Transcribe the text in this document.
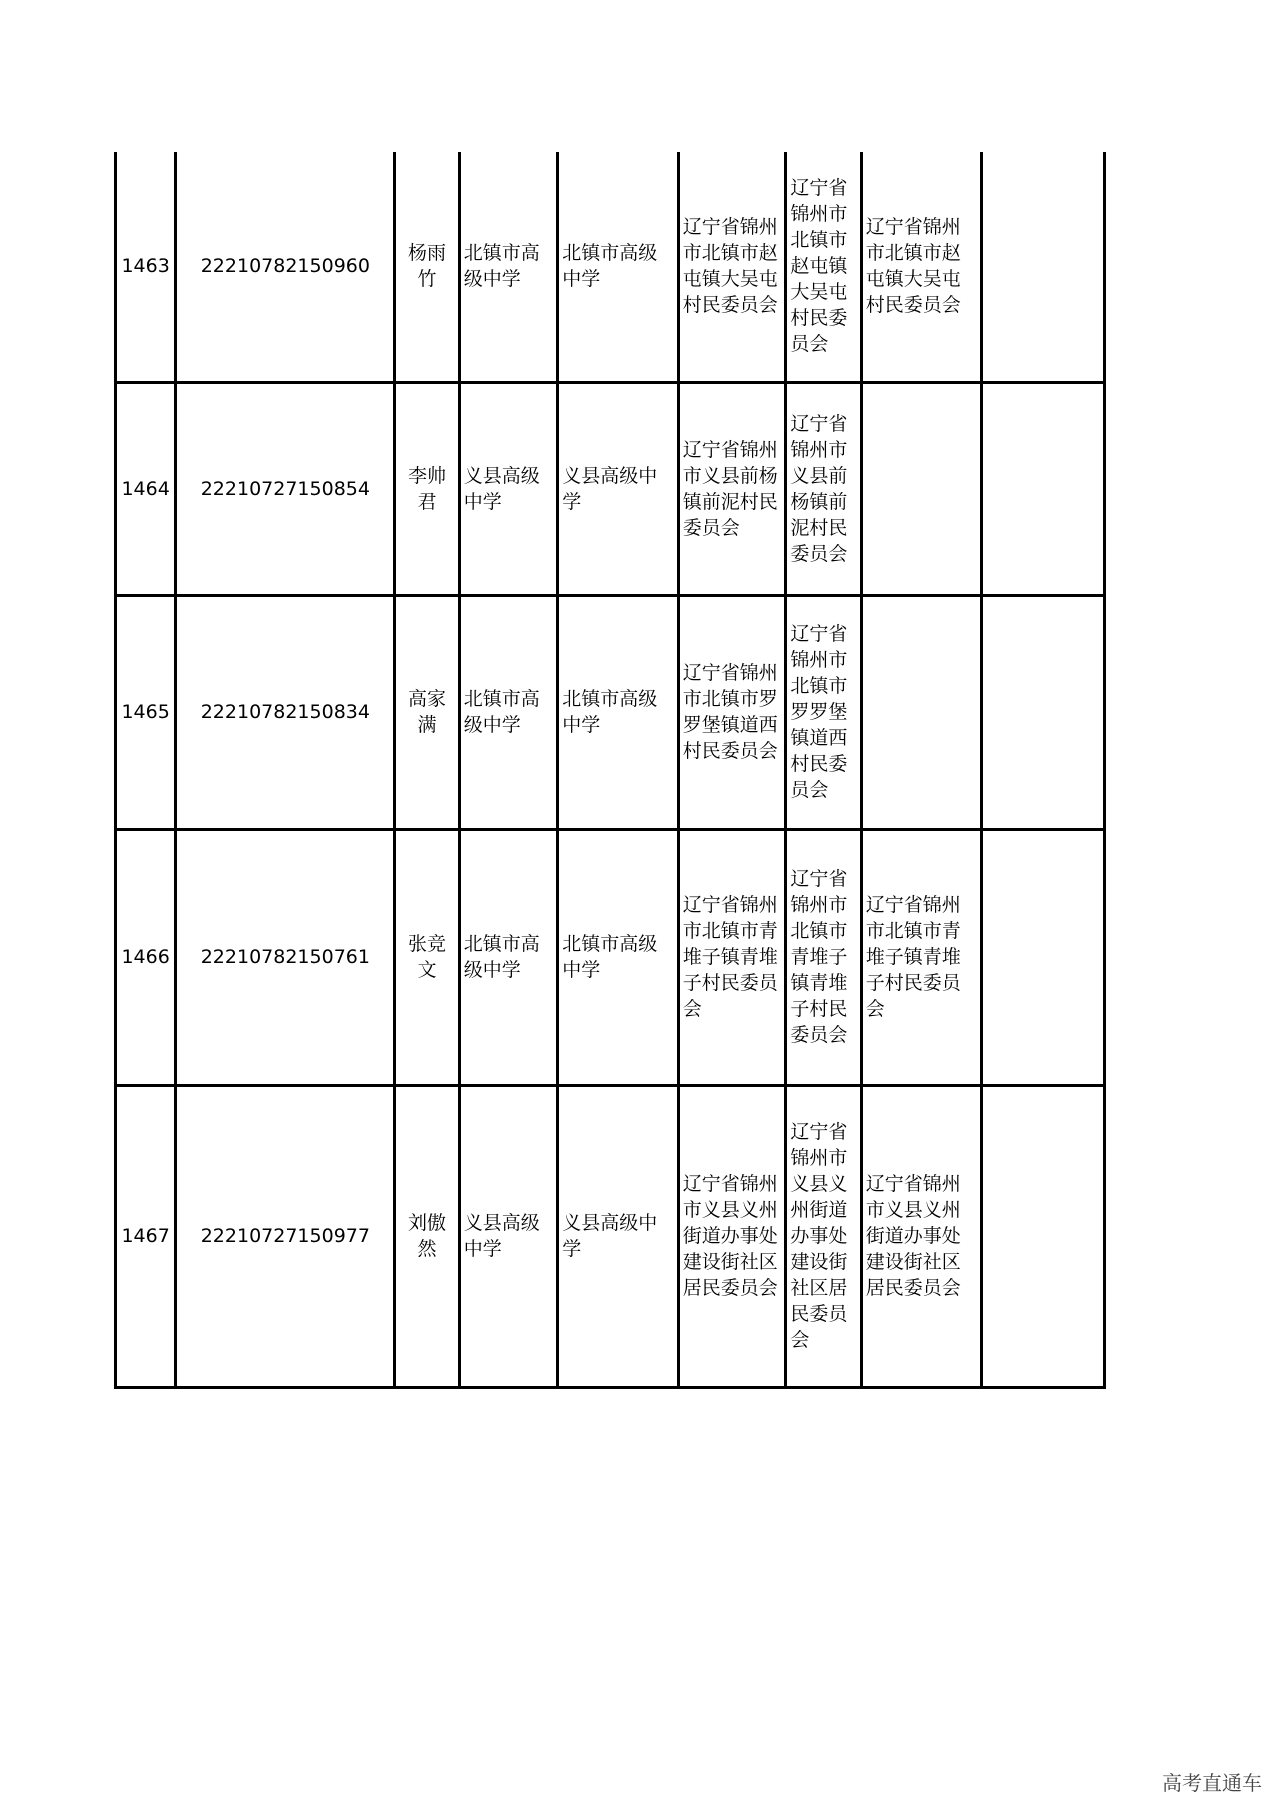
1463	22210782150960	杨雨竹	北镇市高级中学	北镇市高级中学	辽宁省锦州市北镇市赵屯镇大吴屯村民委员会	辽宁省锦州市北镇市赵屯镇大吴屯村民委员会	辽宁省锦州市北镇市赵屯镇大吴屯村民委员会	
1464	22210727150854	李帅君	义县高级中学	义县高级中学	辽宁省锦州市义县前杨镇前泥村民委员会	辽宁省锦州市义县前杨镇前泥村民委员会		
1465	22210782150834	高家满	北镇市高级中学	北镇市高级中学	辽宁省锦州市北镇市罗罗堡镇道西村民委员会	辽宁省锦州市北镇市罗罗堡镇道西村民委员会		
1466	22210782150761	张竞文	北镇市高级中学	北镇市高级中学	辽宁省锦州市北镇市青堆子镇青堆子村民委员会	辽宁省锦州市北镇市青堆子镇青堆子村民委员会	辽宁省锦州市北镇市青堆子镇青堆子村民委员会	
1467	22210727150977	刘傲然	义县高级中学	义县高级中学	辽宁省锦州市义县义州街道办事处建设街社区居民委员会	辽宁省锦州市义县义州街道办事处建设街社区居民委员会	辽宁省锦州市义县义州街道办事处建设街社区居民委员会	
高考直通车
